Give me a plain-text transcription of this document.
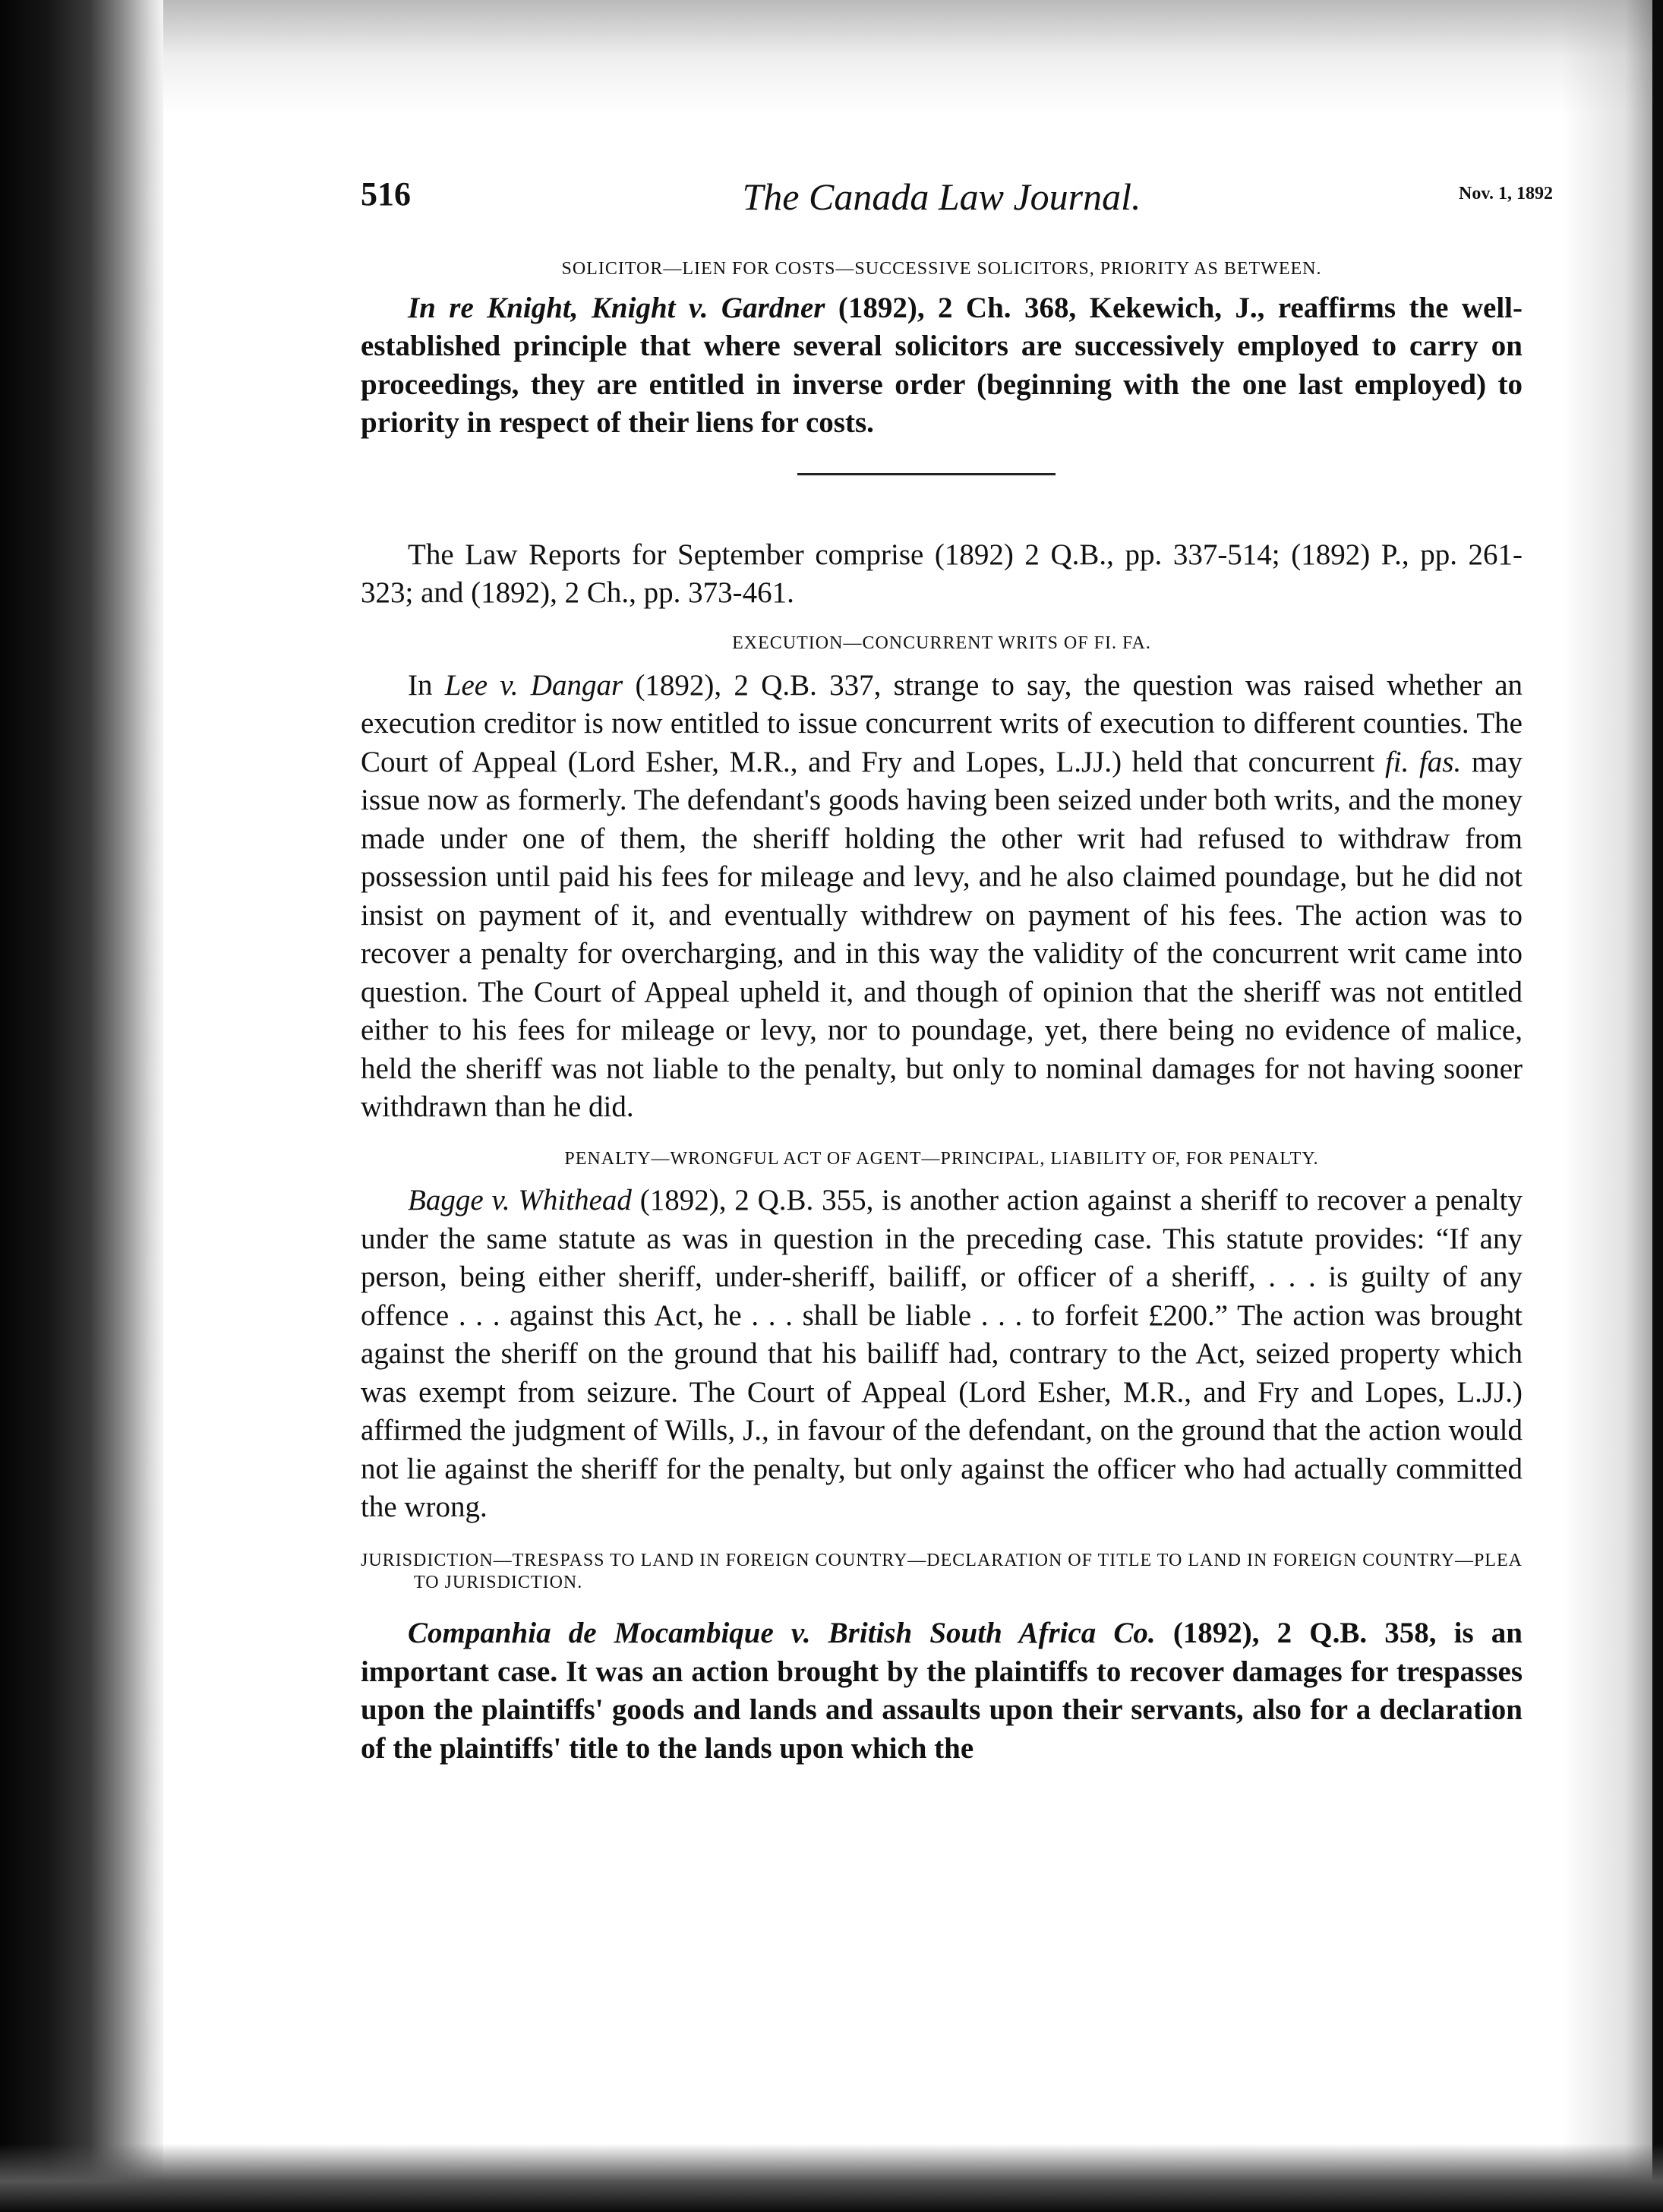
516	The Canada Law Journal.	Nov. 1, 1892

SOLICITOR—LIEN FOR COSTS—SUCCESSIVE SOLICITORS, PRIORITY AS BETWEEN.

In re Knight, Knight v. Gardner (1892), 2 Ch. 368, Kekewich, J., reaffirms the well-established principle that where several solicitors are successively employed to carry on proceedings, they are entitled in inverse order (beginning with the one last employed) to priority in respect of their liens for costs.

The Law Reports for September comprise (1892) 2 Q.B., pp. 337-514; (1892) P., pp. 261-323; and (1892), 2 Ch., pp. 373-461.

EXECUTION—CONCURRENT WRITS OF FI. FA.

In Lee v. Dangar (1892), 2 Q.B. 337, strange to say, the question was raised whether an execution creditor is now entitled to issue concurrent writs of execution to different counties. The Court of Appeal (Lord Esher, M.R., and Fry and Lopes, L.JJ.) held that concurrent fi. fas. may issue now as formerly. The defendant's goods having been seized under both writs, and the money made under one of them, the sheriff holding the other writ had refused to withdraw from possession until paid his fees for mileage and levy, and he also claimed poundage, but he did not insist on payment of it, and eventually withdrew on payment of his fees. The action was to recover a penalty for overcharging, and in this way the validity of the concurrent writ came into question. The Court of Appeal upheld it, and though of opinion that the sheriff was not entitled either to his fees for mileage or levy, nor to poundage, yet, there being no evidence of malice, held the sheriff was not liable to the penalty, but only to nominal damages for not having sooner withdrawn than he did.

PENALTY—WRONGFUL ACT OF AGENT—PRINCIPAL, LIABILITY OF, FOR PENALTY.

Bagge v. Whithead (1892), 2 Q.B. 355, is another action against a sheriff to recover a penalty under the same statute as was in question in the preceding case. This statute provides: “If any person, being either sheriff, under-sheriff, bailiff, or officer of a sheriff, . . . is guilty of any offence . . . against this Act, he . . . shall be liable . . . to forfeit £200.” The action was brought against the sheriff on the ground that his bailiff had, contrary to the Act, seized property which was exempt from seizure. The Court of Appeal (Lord Esher, M.R., and Fry and Lopes, L.JJ.) affirmed the judgment of Wills, J., in favour of the defendant, on the ground that the action would not lie against the sheriff for the penalty, but only against the officer who had actually committed the wrong.

JURISDICTION—TRESPASS TO LAND IN FOREIGN COUNTRY—DECLARATION OF TITLE TO LAND IN FOREIGN COUNTRY—PLEA TO JURISDICTION.

Companhia de Mocambique v. British South Africa Co. (1892), 2 Q.B. 358, is an important case. It was an action brought by the plaintiffs to recover damages for trespasses upon the plaintiffs' goods and lands and assaults upon their servants, also for a declaration of the plaintiffs' title to the lands upon which the
